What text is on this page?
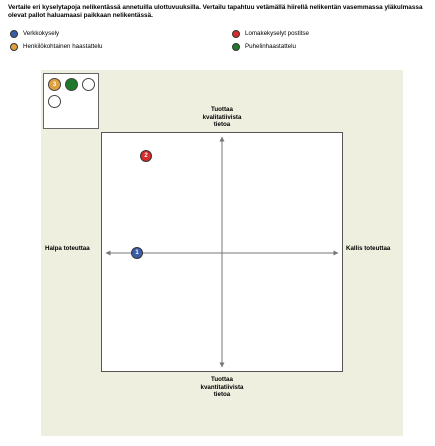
Vertaile eri kyselytapoja nelikentässä annetuilla ulottuvuuksilla. Vertailu tapahtuu vetämällä hiirellä nelikentän vasemmassa yläkulmassa olevat pallot haluamaasi paikkaan nelikentässä.
Verkkokysely	Lomakekyselyt postitse
Henkilökohtainen haastattelu	Puhelinhaastattelu
3
1
2
Tuottaa kvalitatiivista tietoa
Tuottaa kvantitatiivista tietoa
Halpa toteuttaa	Kallis toteuttaa
